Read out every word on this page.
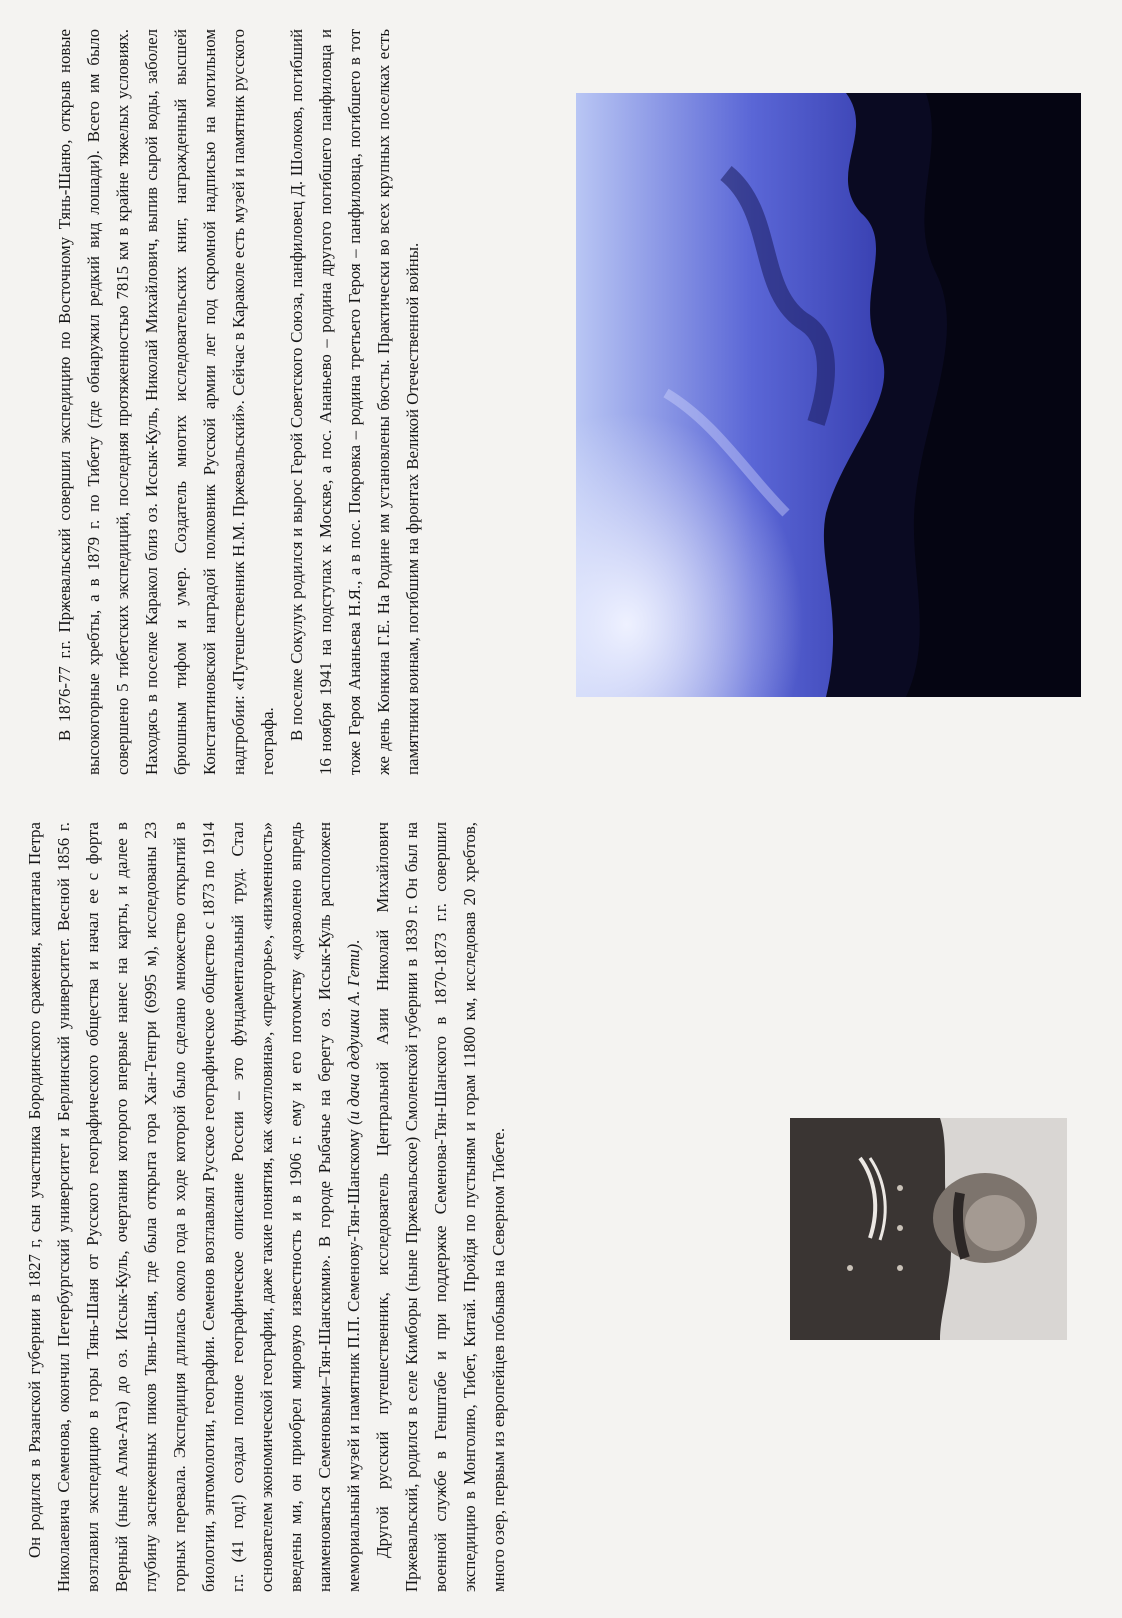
В 1876-77 г.г. Пржевальский совершил экспедицию по Восточному Тянь-Шаню, открыв новые высокогорные хребты, а в 1879 г. по Тибету (где обнаружил редкий вид лошади). Всего им было совершено 5 тибетских экспедиций, последняя протяженностью 7815 км в крайне тяжелых условиях. Находясь в поселке Каракол близ оз. Иссык-Куль, Николай Михайлович, выпив сырой воды, заболел брюшным тифом и умер. Создатель многих исследовательских книг, награжденный высшей Константиновской наградой полковник Русской армии лег под скромной надписью на могильном надгробии: «Путешественник Н.М. Пржевальский». Сейчас в Караколе есть музей и памятник русского географа.

В поселке Сокулук родился и вырос Герой Советского Союза, панфиловец Д. Шолоков, погибший 16 ноября 1941 на подступах к Москве, а пос. Ананьево – родина другого погибшего панфиловца и тоже Героя Ананьева Н.Я., а в пос. Покровка – родина третьего Героя – панфиловца, погибшего в тот же день Конкина Г.Е. На Родине им установлены бюсты. Практически во всех крупных поселках есть памятники воинам, погибшим на фронтах Великой Отечественной войны.

Он родился в Рязанской губернии в 1827 г, сын участника Бородинского сражения, капитана Петра Николаевича Семенова, окончил Петербургский университет и Берлинский университет. Весной 1856 г. возглавил экспедицию в горы Тянь-Шаня от Русского географического общества и начал ее с форта Верный (ныне Алма-Ата) до оз. Иссык-Куль, очертания которого впервые нанес на карты, и далее в глубину заснеженных пиков Тянь-Шаня, где была открыта гора Хан-Тенгри (6995 м), исследованы 23 горных перевала. Экспедиция длилась около года в ходе которой было сделано множество открытий в биологии, энтомологии, географии. Семенов возглавлял Русское географическое общество с 1873 по 1914 г.г. (41 год!) создал полное географическое описание России – это фундаментальный труд. Стал основателем экономической географии, даже такие понятия, как «котловина», «предгорье», «низменность» введены ми, он приобрел мировую известность и в 1906 г. ему и его потомству «дозволено впредь наименоваться Семеновыми–Тян-Шанскими». В городе Рыбачье на берегу оз. Иссык-Куль расположен мемориальный музей и памятник П.П. Семенову-Тян-Шанскому (и дача дедушки А. Гети). Другой русский путешественник, исследователь Центральной Азии Николай Михайлович Пржевальский, родился в селе Кимборы (ныне Пржевальское) Смоленской губернии в 1839 г. Он был на военной службе в Генштабе и при поддержке Семенова-Тян-Шанского в 1870-1873 г.г. совершил экспедицию в Монголию, Тибет, Китай. Пройдя по пустыням и горам 11800 км, исследовав 20 хребтов, много озер, первым из европейцев побывав на Северном Тибете.
